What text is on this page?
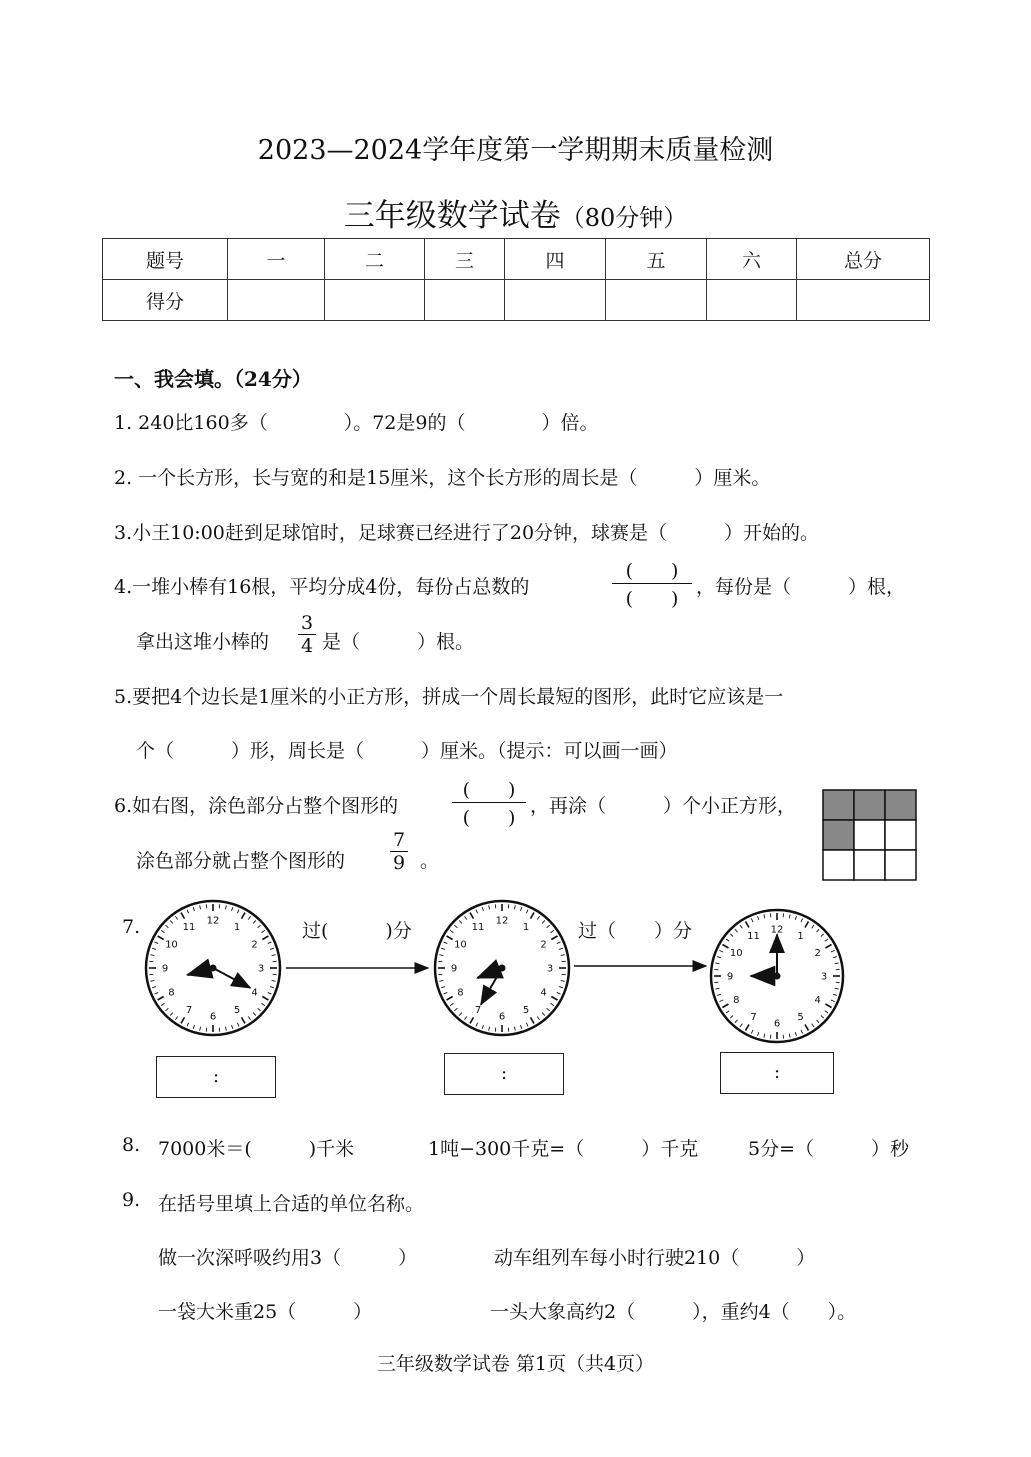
2023—2024学年度第一学期期末质量检测
三年级数学试卷（80分钟）
题号	一	二	三	四	五	六	总分
得分							
一、我会填。（24分）
1. 240比160多（　　　　）。72是9的（　　　　）倍。
2. 一个长方形，长与宽的和是15厘米，这个长方形的周长是（　　　）厘米。
3.小王10:00赶到足球馆时，足球赛已经进行了20分钟，球赛是（　　　）开始的。
4.一堆小棒有16根，平均分成4份，每份占总数的
(　　)
(　　)
，每份是（　　　）根，
拿出这堆小棒的
3
4 是（　　　）根。
5.要把4个边长是1厘米的小正方形，拼成一个周长最短的图形，此时它应该是一
个（　　　）形，周长是（　　　）厘米。（提示：可以画一画）
6.如右图，涂色部分占整个图形的
(　　)
(　　)
，再涂（　　　）个小正方形，
涂色部分就占整个图形的
7
9 。
7.	过(　　　)分	过（　　）分
12
1
2
3
4
5
6
7
8
9
10
11
12
1
2
3
4
5
6
7
8
9
10
11	12
1
2
3
4
5
6
7
8
9
10
11
:	:	:
8. 7000米＝(　　　)千米	1吨−300千克=（　　　）千克	5分=（　　　）秒
9. 在括号里填上合适的单位名称。
做一次深呼吸约用3（　　　）	动车组列车每小时行驶210（　　　）
一袋大米重25（　　　）	一头大象高约2（　　　），重约4（　　）。
三年级数学试卷 第1页（共4页）
